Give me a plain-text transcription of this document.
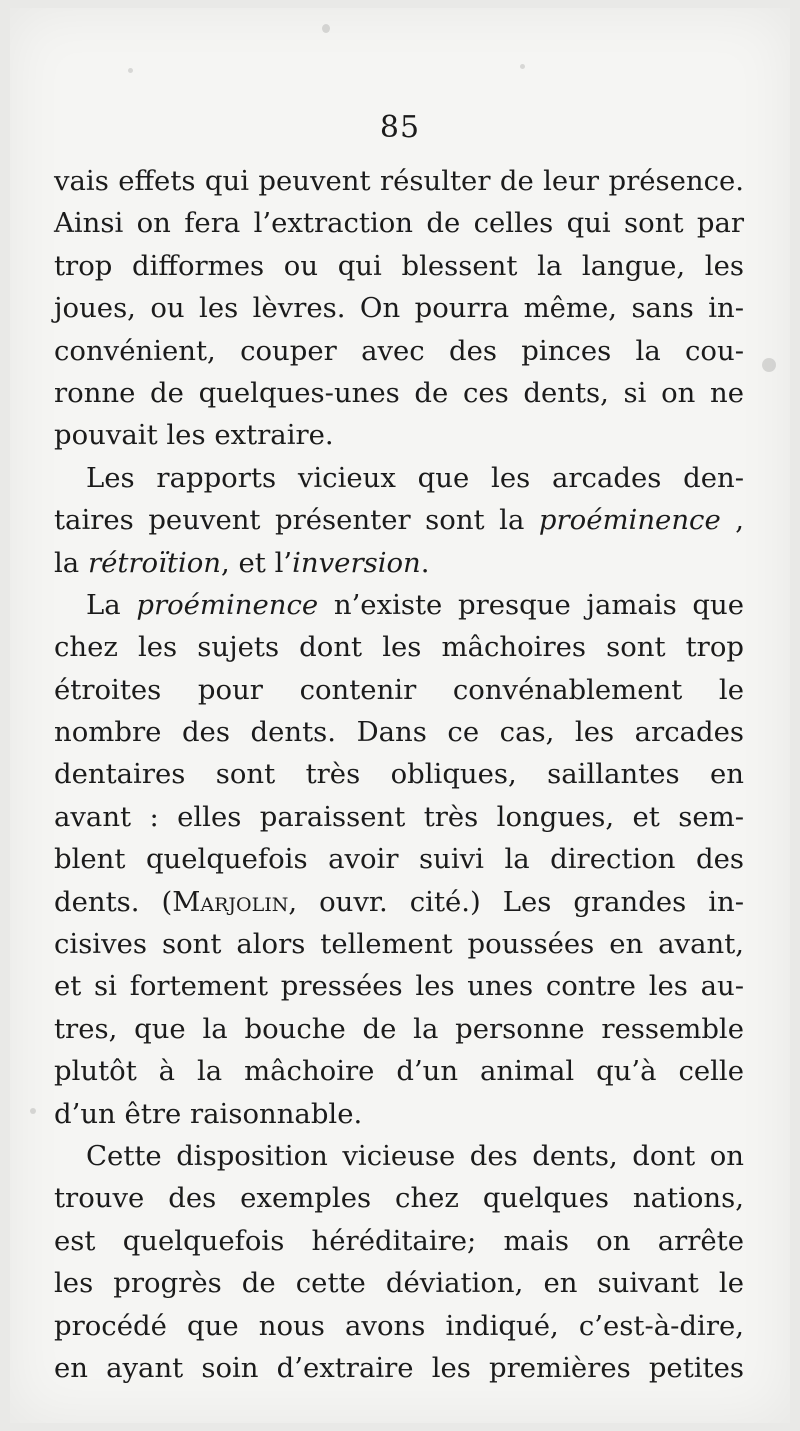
85
vais effets qui peuvent résulter de leur présence.
Ainsi on fera l’extraction de celles qui sont par
trop difformes ou qui blessent la langue, les
joues, ou les lèvres. On pourra même, sans in-
convénient, couper avec des pinces la cou-
ronne de quelques-unes de ces dents, si on ne
pouvait les extraire.
Les rapports vicieux que les arcades den-
taires peuvent présenter sont la proéminence ,
la rétroïtion, et l’inversion.
La proéminence n’existe presque jamais que
chez les sujets dont les mâchoires sont trop
étroites pour contenir convénablement le
nombre des dents. Dans ce cas, les arcades
dentaires sont très obliques, saillantes en
avant : elles paraissent très longues, et sem-
blent quelquefois avoir suivi la direction des
dents. (Marjolin, ouvr. cité.) Les grandes in-
cisives sont alors tellement poussées en avant,
et si fortement pressées les unes contre les au-
tres, que la bouche de la personne ressemble
plutôt à la mâchoire d’un animal qu’à celle
d’un être raisonnable.
Cette disposition vicieuse des dents, dont on
trouve des exemples chez quelques nations,
est quelquefois héréditaire; mais on arrête
les progrès de cette déviation, en suivant le
procédé que nous avons indiqué, c’est-à-dire,
en ayant soin d’extraire les premières petites
